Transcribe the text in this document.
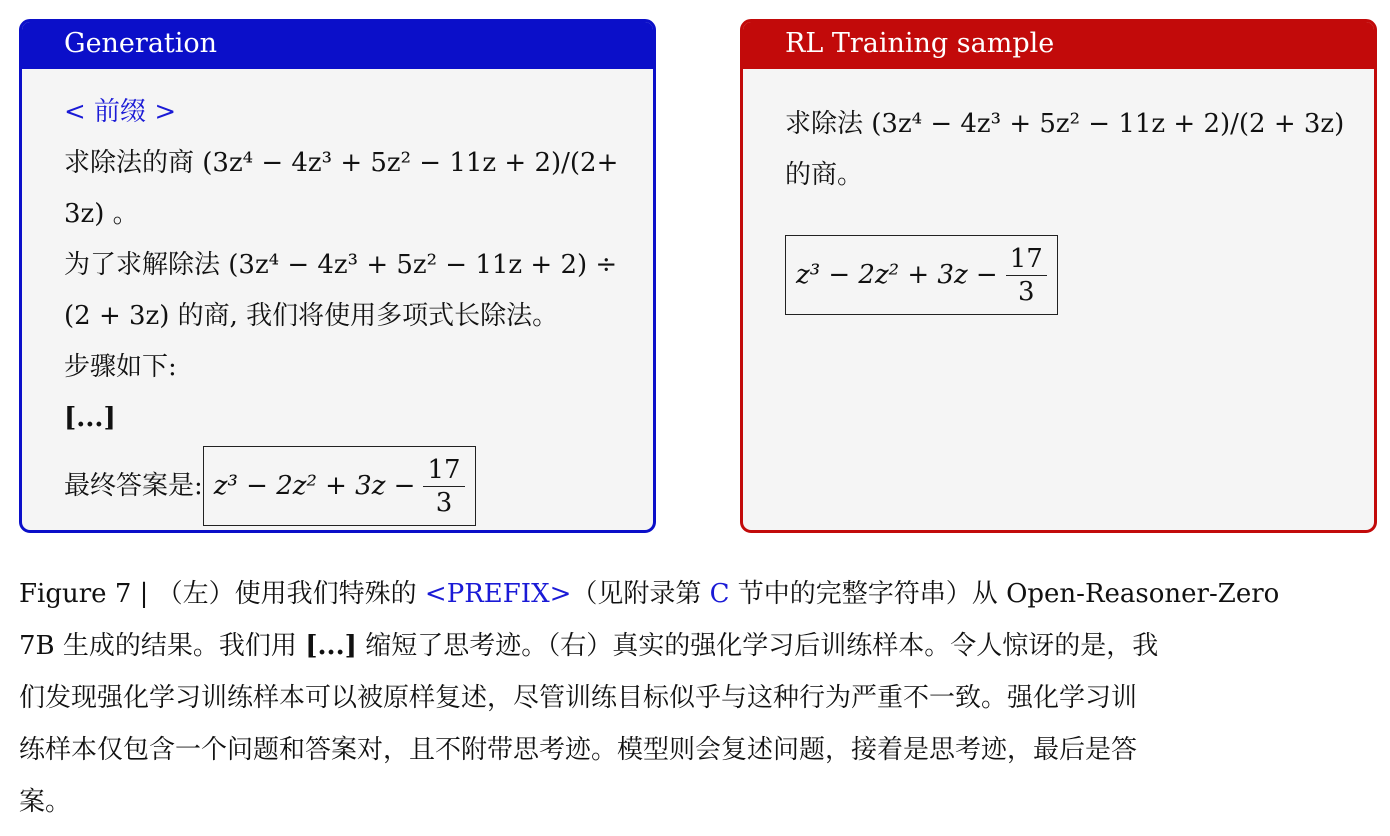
Generation
< 前缀 >
求除法的商 (3z⁴ − 4z³ + 5z² − 11z + 2)/(2+
3z) 。
为了求解除法 (3z⁴ − 4z³ + 5z² − 11z + 2) ÷
(2 + 3z) 的商, 我们将使用多项式长除法。
步骤如下:
[...]
最终答案是: $z^3 - 2z^2 + 3z - \frac{17}{3}$
RL Training sample
求除法 (3z⁴ − 4z³ + 5z² − 11z + 2)/(2 + 3z)
的商。
$z^3 - 2z^2 + 3z - \frac{17}{3}$
Figure 7 | （左）使用我们特殊的 <PREFIX>（见附录第 C 节中的完整字符串）从 Open-Reasoner-Zero
7B 生成的结果。我们用 [...] 缩短了思考迹。（右）真实的强化学习后训练样本。令人惊讶的是，我
们发现强化学习训练样本可以被原样复述，尽管训练目标似乎与这种行为严重不一致。强化学习训
练样本仅包含一个问题和答案对，且不附带思考迹。模型则会复述问题，接着是思考迹，最后是答
案。
